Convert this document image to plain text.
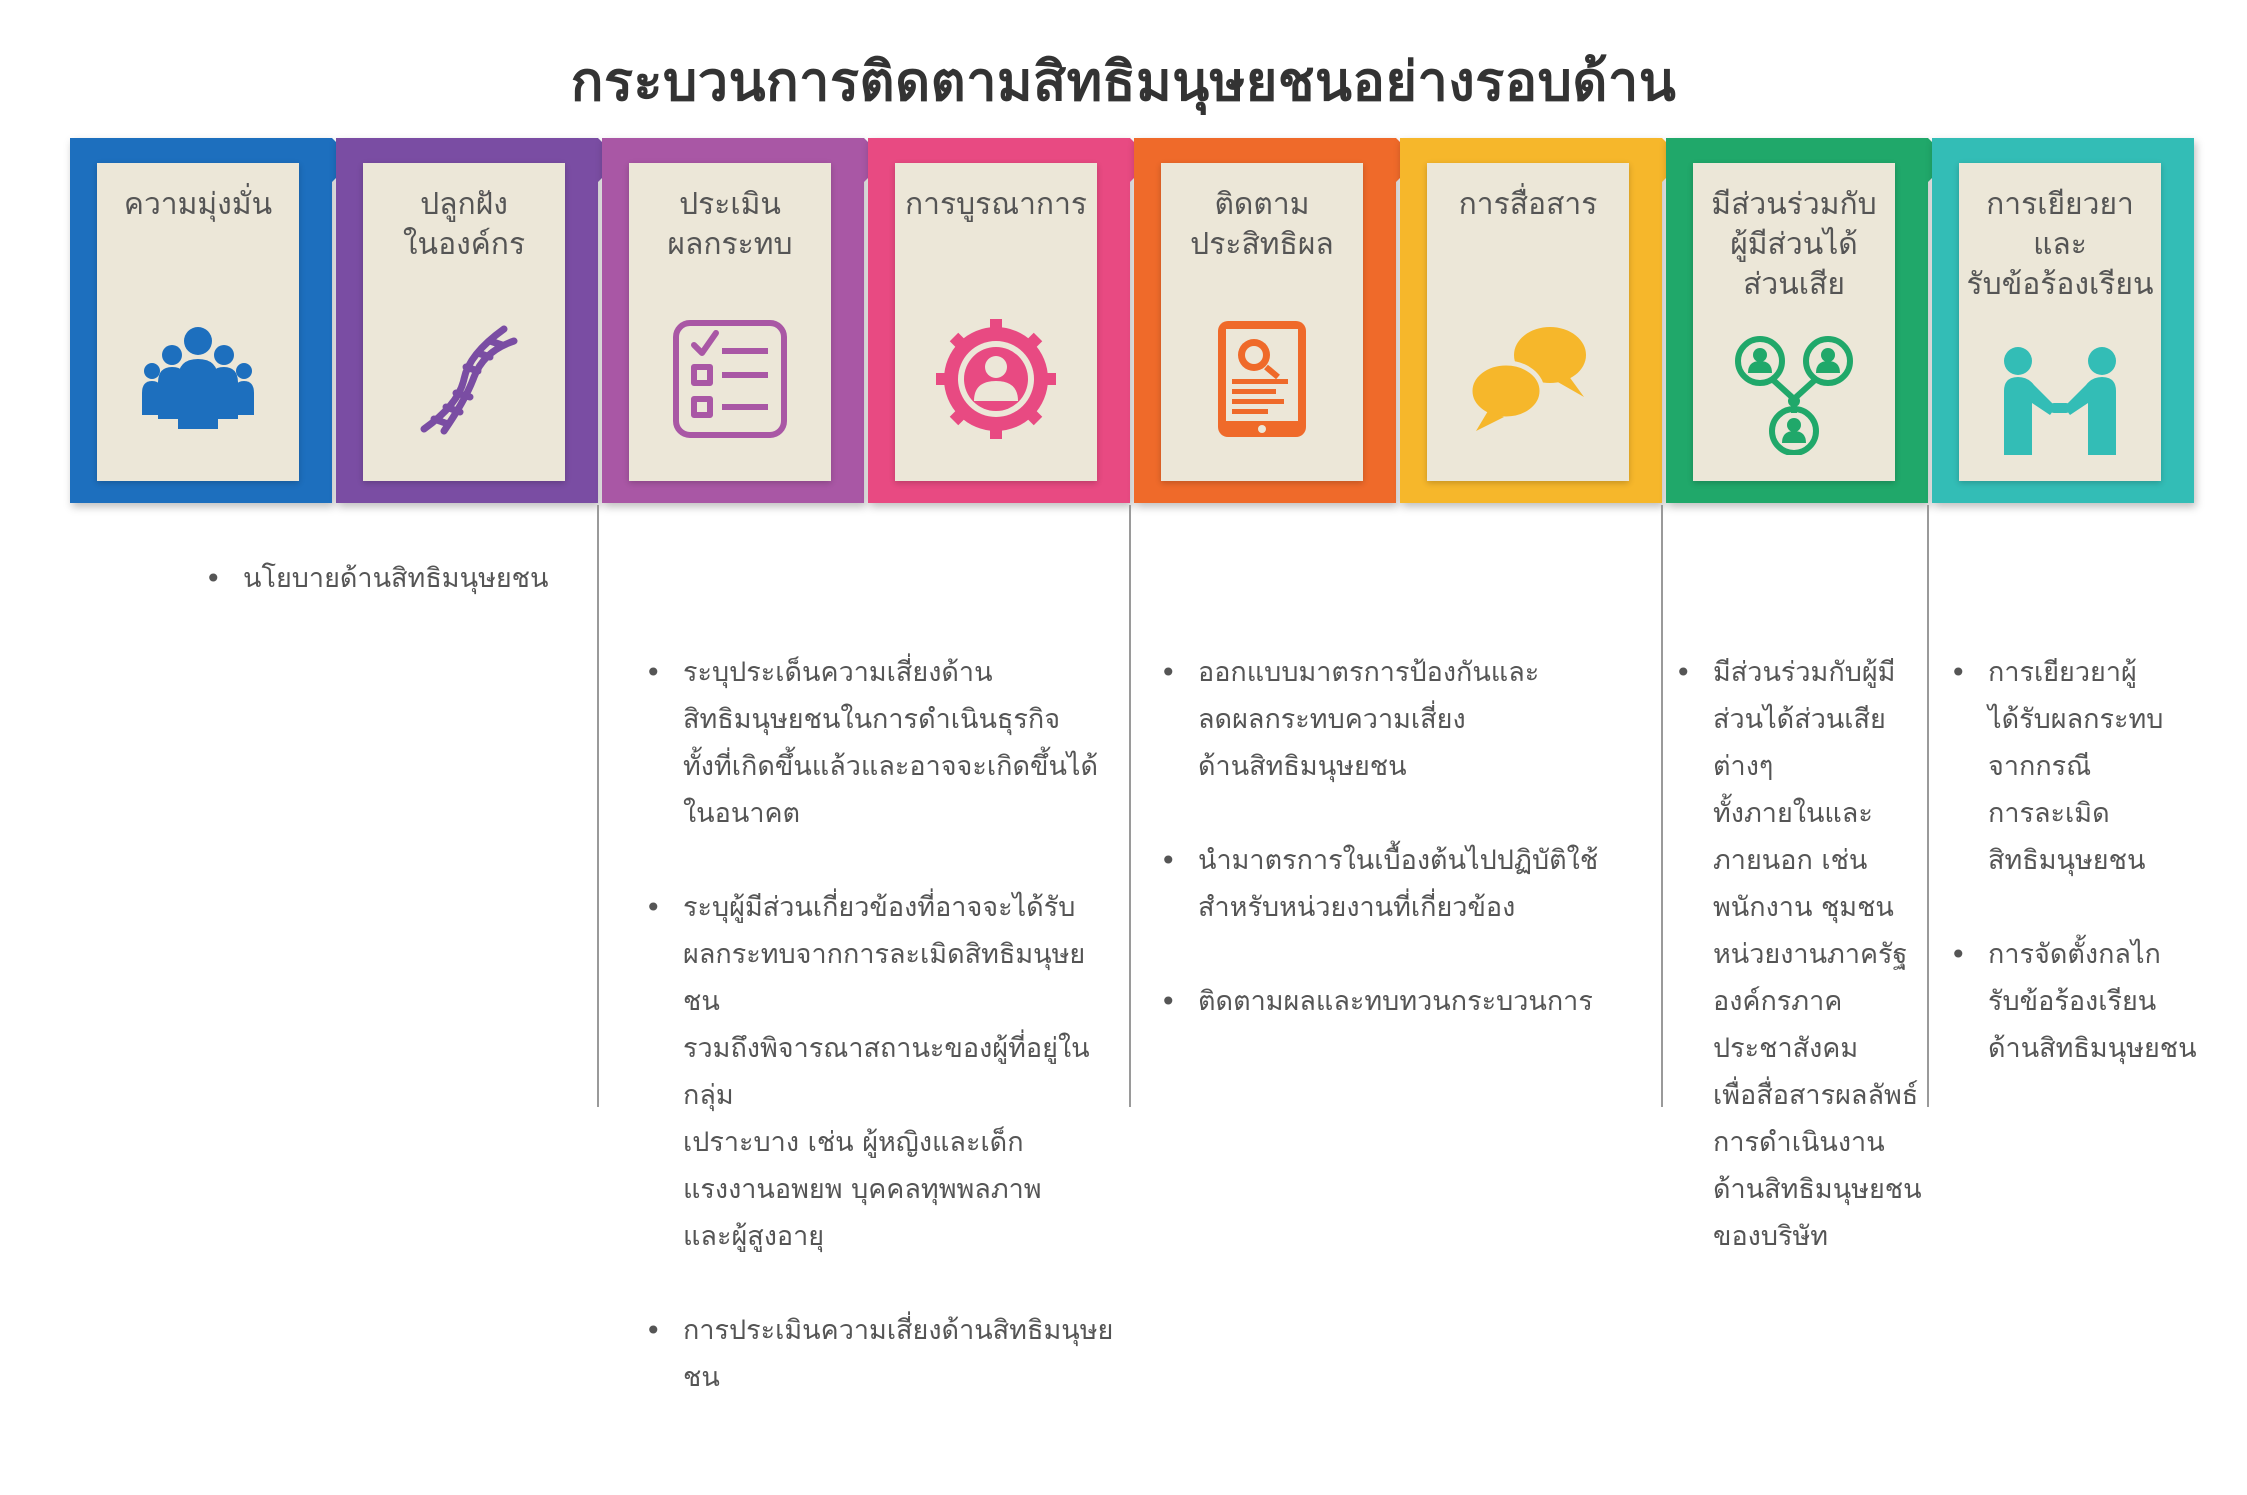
กระบวนการติดตามสิทธิมนุษยชนอย่างรอบด้าน
ความมุ่งมั่น	ปลูกฝัง
ในองค์กร
ประเมิน
ผลกระทบ
การบูรณาการ	ติดตาม
ประสิทธิผล
การสื่อสาร	มีส่วนร่วมกับ
ผู้มีส่วนได้
ส่วนเสีย
การเยียวยา
และ
รับข้อร้องเรียน
• นโยบายด้านสิทธิมนุษยชน

• ระบุประเด็นความเสี่ยงด้าน
สิทธิมนุษยชนในการดำเนินธุรกิจ
ทั้งที่เกิดขึ้นแล้วและอาจจะเกิดขึ้นได้
ในอนาคต

• ระบุผู้มีส่วนเกี่ยวข้องที่อาจจะได้รับ
ผลกระทบจากการละเมิดสิทธิมนุษยชน
รวมถึงพิจารณาสถานะของผู้ที่อยู่ในกลุ่ม
เปราะบาง เช่น ผู้หญิงและเด็ก
แรงงานอพยพ บุคคลทุพพลภาพ
และผู้สูงอายุ

• การประเมินความเสี่ยงด้านสิทธิมนุษยชน

• ออกแบบมาตรการป้องกันและ
ลดผลกระทบความเสี่ยง
ด้านสิทธิมนุษยชน

• นำมาตรการในเบื้องต้นไปปฏิบัติใช้
สำหรับหน่วยงานที่เกี่ยวข้อง

• ติดตามผลและทบทวนกระบวนการ

• มีส่วนร่วมกับผู้มี
ส่วนได้ส่วนเสียต่างๆ
ทั้งภายในและ
ภายนอก เช่น
พนักงาน ชุมชน
หน่วยงานภาครัฐ
องค์กรภาค
ประชาสังคม
เพื่อสื่อสารผลลัพธ์
การดำเนินงาน
ด้านสิทธิมนุษยชน
ของบริษัท

• การเยียวยาผู้
ได้รับผลกระทบ
จากกรณี
การละเมิด
สิทธิมนุษยชน

• การจัดตั้งกลไก
รับข้อร้องเรียน
ด้านสิทธิมนุษยชน
